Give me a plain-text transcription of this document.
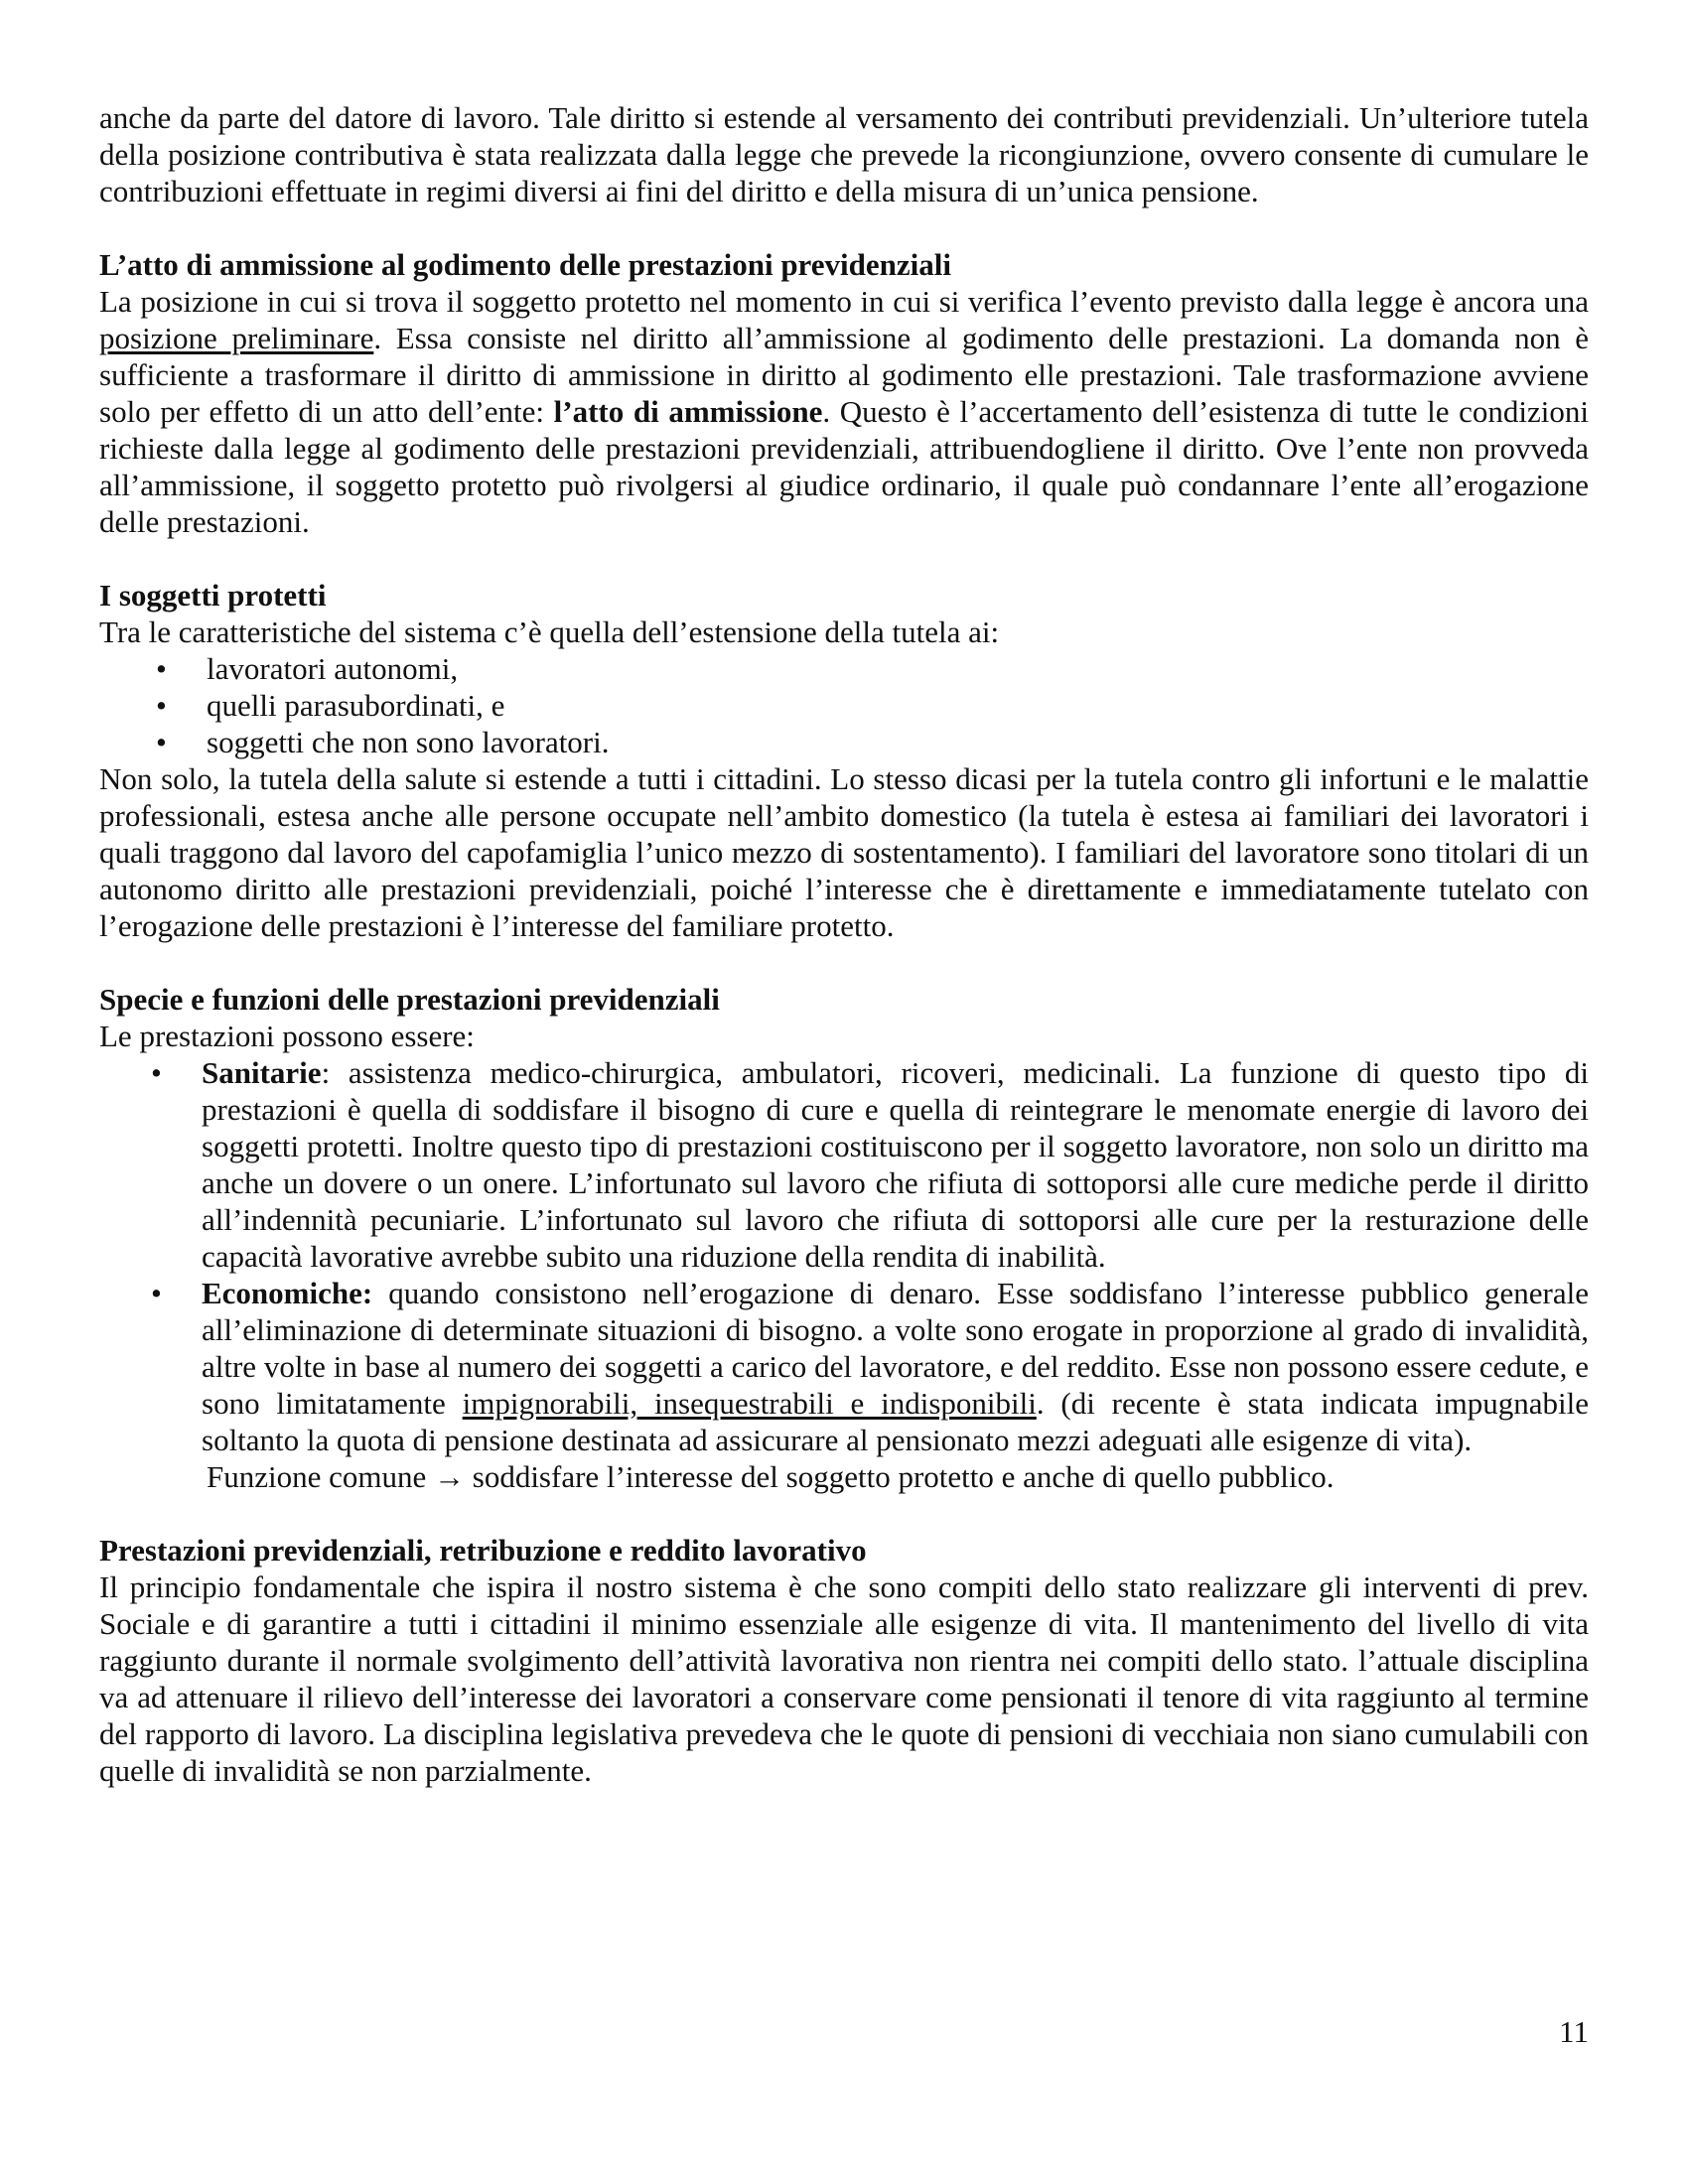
anche da parte del datore di lavoro. Tale diritto si estende al versamento dei contributi previdenziali. Un’ulteriore tutela della posizione contributiva è stata realizzata dalla legge che prevede la ricongiunzione, ovvero consente di cumulare le contribuzioni effettuate in regimi diversi ai fini del diritto e della misura di un’unica pensione.

L’atto di ammissione al godimento delle prestazioni previdenziali

La posizione in cui si trova il soggetto protetto nel momento in cui si verifica l’evento previsto dalla legge è ancora una posizione preliminare. Essa consiste nel diritto all’ammissione al godimento delle prestazioni. La domanda non è sufficiente a trasformare il diritto di ammissione in diritto al godimento elle prestazioni. Tale trasformazione avviene solo per effetto di un atto dell’ente: l’atto di ammissione. Questo è l’accertamento dell’esistenza di tutte le condizioni richieste dalla legge al godimento delle prestazioni previdenziali, attribuendogliene il diritto. Ove l’ente non provveda all’ammissione, il soggetto protetto può rivolgersi al giudice ordinario, il quale può condannare l’ente all’erogazione delle prestazioni.

I soggetti protetti

Tra le caratteristiche del sistema c’è quella dell’estensione della tutela ai:

• lavoratori autonomi,
• quelli parasubordinati, e
• soggetti che non sono lavoratori.

Non solo, la tutela della salute si estende a tutti i cittadini. Lo stesso dicasi per la tutela contro gli infortuni e le malattie professionali, estesa anche alle persone occupate nell’ambito domestico (la tutela è estesa ai familiari dei lavoratori i quali traggono dal lavoro del capofamiglia l’unico mezzo di sostentamento). I familiari del lavoratore sono titolari di un autonomo diritto alle prestazioni previdenziali, poiché l’interesse che è direttamente e immediatamente tutelato con l’erogazione delle prestazioni è l’interesse del familiare protetto.

Specie e funzioni delle prestazioni previdenziali

Le prestazioni possono essere:

• Sanitarie: assistenza medico-chirurgica, ambulatori, ricoveri, medicinali. La funzione di questo tipo di prestazioni è quella di soddisfare il bisogno di cure e quella di reintegrare le menomate energie di lavoro dei soggetti protetti. Inoltre questo tipo di prestazioni costituiscono per il soggetto lavoratore, non solo un diritto ma anche un dovere o un onere. L’infortunato sul lavoro che rifiuta di sottoporsi alle cure mediche perde il diritto all’indennità pecuniarie. L’infortunato sul lavoro che rifiuta di sottoporsi alle cure per la resturazione delle capacità lavorative avrebbe subito una riduzione della rendita di inabilità.
• Economiche: quando consistono nell’erogazione di denaro. Esse soddisfano l’interesse pubblico generale all’eliminazione di determinate situazioni di bisogno. a volte sono erogate in proporzione al grado di invalidità, altre volte in base al numero dei soggetti a carico del lavoratore, e del reddito. Esse non possono essere cedute, e sono limitatamente impignorabili, insequestrabili e indisponibili. (di recente è stata indicata impugnabile soltanto la quota di pensione destinata ad assicurare al pensionato mezzi adeguati alle esigenze di vita).

Funzione comune → soddisfare l’interesse del soggetto protetto e anche di quello pubblico.

Prestazioni previdenziali, retribuzione e reddito lavorativo

Il principio fondamentale che ispira il nostro sistema è che sono compiti dello stato realizzare gli interventi di prev. Sociale e di garantire a tutti i cittadini il minimo essenziale alle esigenze di vita. Il mantenimento del livello di vita raggiunto durante il normale svolgimento dell’attività lavorativa non rientra nei compiti dello stato. l’attuale disciplina va ad attenuare il rilievo dell’interesse dei lavoratori a conservare come pensionati il tenore di vita raggiunto al termine del rapporto di lavoro. La disciplina legislativa prevedeva che le quote di pensioni di vecchiaia non siano cumulabili con quelle di invalidità se non parzialmente.

11
